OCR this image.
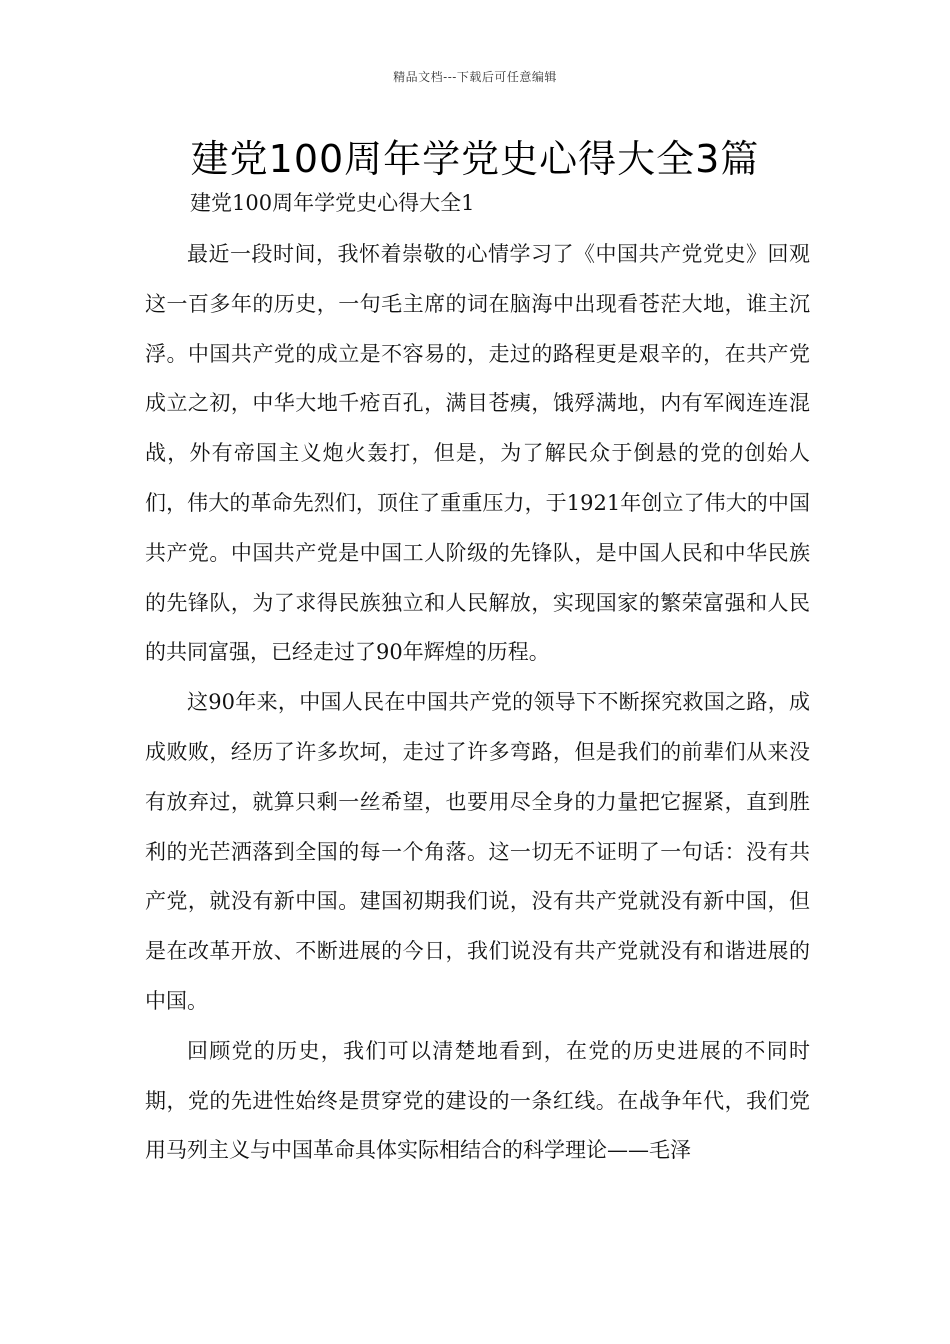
精品文档---下载后可任意编辑
建党100周年学党史心得大全3篇
建党100周年学党史心得大全1

最近一段时间，我怀着崇敬的心情学习了《中国共产党党史》回观这一百多年的历史，一句毛主席的词在脑海中出现看苍茫大地，谁主沉浮。中国共产党的成立是不容易的，走过的路程更是艰辛的，在共产党成立之初，中华大地千疮百孔，满目苍痍，饿殍满地，内有军阀连连混战，外有帝国主义炮火轰打，但是，为了解民众于倒悬的党的创始人们，伟大的革命先烈们，顶住了重重压力，于1921年创立了伟大的中国共产党。中国共产党是中国工人阶级的先锋队，是中国人民和中华民族的先锋队，为了求得民族独立和人民解放，实现国家的繁荣富强和人民的共同富强，已经走过了90年辉煌的历程。

这90年来，中国人民在中国共产党的领导下不断探究救国之路，成成败败，经历了许多坎坷，走过了许多弯路，但是我们的前辈们从来没有放弃过，就算只剩一丝希望，也要用尽全身的力量把它握紧，直到胜利的光芒洒落到全国的每一个角落。这一切无不证明了一句话：没有共产党，就没有新中国。建国初期我们说，没有共产党就没有新中国，但是在改革开放、不断进展的今日，我们说没有共产党就没有和谐进展的中国。

回顾党的历史，我们可以清楚地看到，在党的历史进展的不同时期，党的先进性始终是贯穿党的建设的一条红线。在战争年代，我们党用马列主义与中国革命具体实际相结合的科学理论——毛泽
